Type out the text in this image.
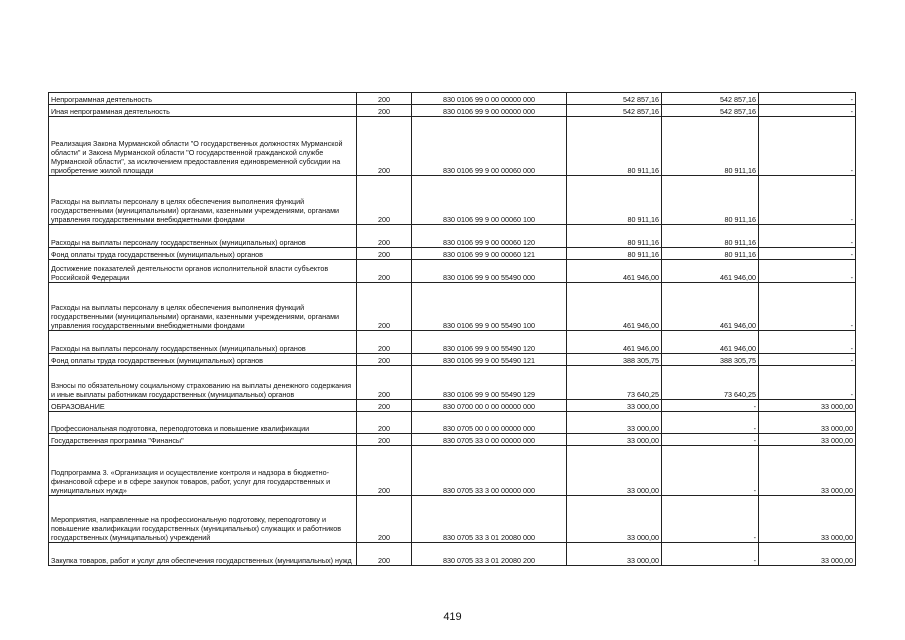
Непрограммная деятельность	200	830 0106 99 0 00 00000 000	542 857,16	542 857,16	-
Иная непрограммная деятельность	200	830 0106 99 9 00 00000 000	542 857,16	542 857,16	-
Реализация Закона Мурманской области "О государственных должностях Мурманской области" и Закона Мурманской области "О государственной гражданской службе Мурманской области", за исключением предоставления единовременной субсидии на приобретение жилой площади	200	830 0106 99 9 00 00060 000	80 911,16	80 911,16	-
Расходы на выплаты персоналу в целях обеспечения выполнения функций государственными (муниципальными) органами, казенными учреждениями, органами управления государственными внебюджетными фондами	200	830 0106 99 9 00 00060 100	80 911,16	80 911,16	-
Расходы на выплаты персоналу государственных (муниципальных) органов	200	830 0106 99 9 00 00060 120	80 911,16	80 911,16	-
Фонд оплаты труда государственных (муниципальных) органов	200	830 0106 99 9 00 00060 121	80 911,16	80 911,16	-
Достижение показателей деятельности органов исполнительной власти субъектов Российской Федерации	200	830 0106 99 9 00 55490 000	461 946,00	461 946,00	-
Расходы на выплаты персоналу в целях обеспечения выполнения функций государственными (муниципальными) органами, казенными учреждениями, органами управления государственными внебюджетными фондами	200	830 0106 99 9 00 55490 100	461 946,00	461 946,00	-
Расходы на выплаты персоналу государственных (муниципальных) органов	200	830 0106 99 9 00 55490 120	461 946,00	461 946,00	-
Фонд оплаты труда государственных (муниципальных) органов	200	830 0106 99 9 00 55490 121	388 305,75	388 305,75	-
Взносы по обязательному социальному страхованию на выплаты денежного содержания и иные выплаты работникам государственных (муниципальных) органов	200	830 0106 99 9 00 55490 129	73 640,25	73 640,25	-
ОБРАЗОВАНИЕ	200	830 0700 00 0 00 00000 000	33 000,00	-	33 000,00
Профессиональная подготовка, переподготовка и повышение квалификации	200	830 0705 00 0 00 00000 000	33 000,00	-	33 000,00
Государственная программа "Финансы"	200	830 0705 33 0 00 00000 000	33 000,00	-	33 000,00
Подпрограмма 3. «Организация и осуществление контроля и надзора в бюджетно-финансовой сфере и в сфере закупок товаров, работ, услуг для государственных и муниципальных нужд»	200	830 0705 33 3 00 00000 000	33 000,00	-	33 000,00
Мероприятия, направленные на профессиональную подготовку, переподготовку и повышение квалификации государственных (муниципальных) служащих и работников государственных (муниципальных) учреждений	200	830 0705 33 3 01 20080 000	33 000,00	-	33 000,00
Закупка товаров, работ и услуг для обеспечения государственных (муниципальных) нужд	200	830 0705 33 3 01 20080 200	33 000,00	-	33 000,00
419
